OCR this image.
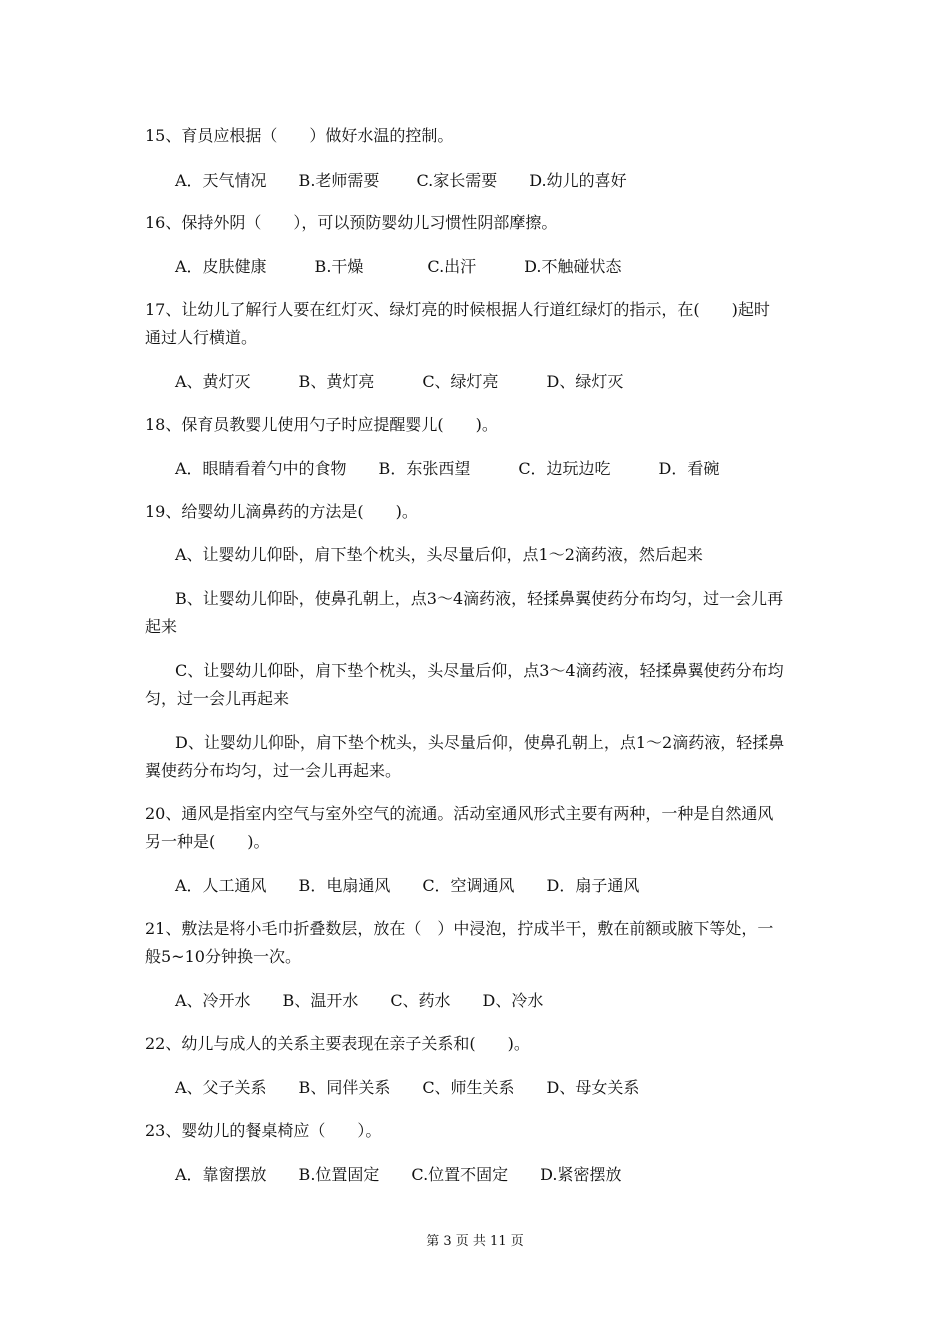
15、育员应根据（　　）做好水温的控制。
A．天气情况　　B.老师需要　　 C.家长需要　　D.幼儿的喜好
16、保持外阴（　　），可以预防婴幼儿习惯性阴部摩擦。
A．皮肤健康　　　B.干燥　　　　C.出汗　　　D.不触碰状态
17、让幼儿了解行人要在红灯灭、绿灯亮的时候根据人行道红绿灯的指示，在(　　)起时
通过人行横道。
A、黄灯灭　　　B、黄灯亮　　　C、绿灯亮　　　D、绿灯灭
18、保育员教婴儿使用勺子时应提醒婴儿(　　)。
A．眼睛看着勺中的食物　　B．东张西望　　　C．边玩边吃　　　D．看碗
19、给婴幼儿滴鼻药的方法是(　　)。
A、让婴幼儿仰卧，肩下垫个枕头，头尽量后仰，点1～2滴药液，然后起来
B、让婴幼儿仰卧，使鼻孔朝上，点3～4滴药液，轻揉鼻翼使药分布均匀，过一会儿再
起来
C、让婴幼儿仰卧，肩下垫个枕头，头尽量后仰，点3～4滴药液，轻揉鼻翼使药分布均
匀，过一会儿再起来
D、让婴幼儿仰卧，肩下垫个枕头，头尽量后仰，使鼻孔朝上，点1～2滴药液，轻揉鼻
翼使药分布均匀，过一会儿再起来。
20、通风是指室内空气与室外空气的流通。活动室通风形式主要有两种，一种是自然通风
另一种是(　　)。
A．人工通风　　B．电扇通风　　C．空调通风　　D．扇子通风
21、敷法是将小毛巾折叠数层，放在（　）中浸泡，拧成半干，敷在前额或腋下等处，一
般5~10分钟换一次。
A、冷开水　　B、温开水　　C、药水　　D、冷水
22、幼儿与成人的关系主要表现在亲子关系和(　　)。
A、父子关系　　B、同伴关系　　C、师生关系　　D、母女关系
23、婴幼儿的餐桌椅应（　　）。
A．靠窗摆放　　B.位置固定　　C.位置不固定　　D.紧密摆放
第 3 页 共 11 页
